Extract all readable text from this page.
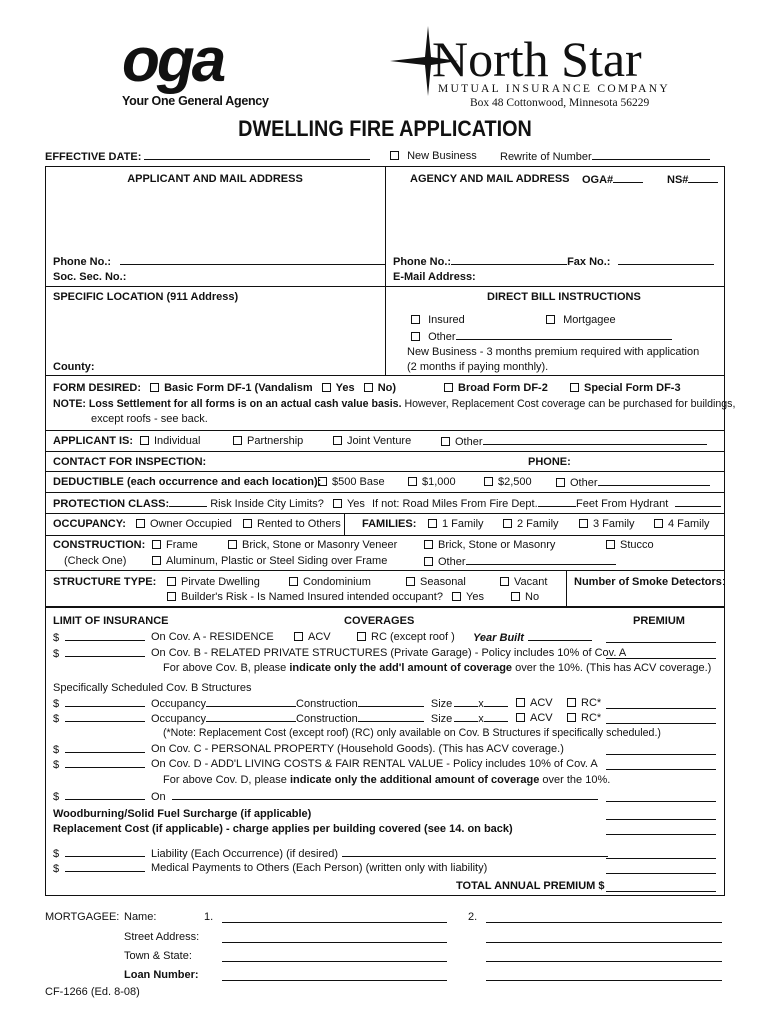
oga
Your One General Agency
North Star
MUTUAL INSURANCE COMPANY
Box 48 Cottonwood, Minnesota 56229
DWELLING FIRE APPLICATION
EFFECTIVE DATE:	New Business Rewrite of Number
APPLICANT AND MAIL ADDRESS	AGENCY AND MAIL ADDRESS OGA#	NS#
Phone No.:
Soc. Sec. No.:
Phone No.:	Fax No.:
E-Mail Address:
SPECIFIC LOCATION (911 Address)	DIRECT BILL INSTRUCTIONS
Insured	Mortgagee
Other
New Business - 3 months premium required with application
(2 months if paying monthly).
County:
FORM DESIRED: Basic Form DF-1 (Vandalism Yes No)	Broad Form DF-2	Special Form DF-3
NOTE: Loss Settlement for all forms is on an actual cash value basis. However, Replacement Cost coverage can be purchased for buildings,
except roofs - see back.
APPLICANT IS:	Individual	Partnership	Joint Venture	Other
CONTACT FOR INSPECTION:	PHONE:
DEDUCTIBLE (each occurrence and each location): $500 Base	$1,000	$2,500	Other
PROTECTION CLASS:	Risk Inside City Limits? Yes If not: Road Miles From Fire Dept.	Feet From Hydrant
OCCUPANCY:	Owner Occupied	Rented to Others FAMILIES:	1 Family	2 Family	3 Family	4 Family
CONSTRUCTION:
(Check One)
Frame	Brick, Stone or Masonry Veneer	Brick, Stone or Masonry	Stucco
Aluminum, Plastic or Steel Siding over Frame	Other
STRUCTURE TYPE:	Pirvate Dwelling	Condominium	Seasonal	Vacant Number of Smoke Detectors:
Builder's Risk - Is Named Insured intended occupant?	Yes	No
LIMIT OF INSURANCE	COVERAGES	PREMIUM
$	On Cov. A - RESIDENCE	ACV	RC (except roof ) Year Built
$	On Cov. B - RELATED PRIVATE STRUCTURES (Private Garage) - Policy includes 10% of Cov. A
For above Cov. B, please indicate only the add'l amount of coverage over the 10%. (This has ACV coverage.)
Specifically Scheduled Cov. B Structures
$	Occupancy	Construction	Size x	ACV	RC*
$	Occupancy	Construction	Size x	ACV	RC*
(*Note: Replacement Cost (except roof) (RC) only available on Cov. B Structures if specifically scheduled.)
$	On Cov. C - PERSONAL PROPERTY (Household Goods). (This has ACV coverage.)
$	On Cov. D - ADD'L LIVING COSTS & FAIR RENTAL VALUE - Policy includes 10% of Cov. A
For above Cov. D, please indicate only the additional amount of coverage over the 10%.
$	On
Woodburning/Solid Fuel Surcharge (if applicable)
Replacement Cost (if applicable) - charge applies per building covered (see 14. on back)
$	Liability (Each Occurrence) (if desired)
$	Medical Payments to Others (Each Person) (written only with liability)
TOTAL ANNUAL PREMIUM $
MORTGAGEE: Name:	1.	2.
Street Address:
Town & State:
Loan Number:
CF-1266 (Ed. 8-08)
